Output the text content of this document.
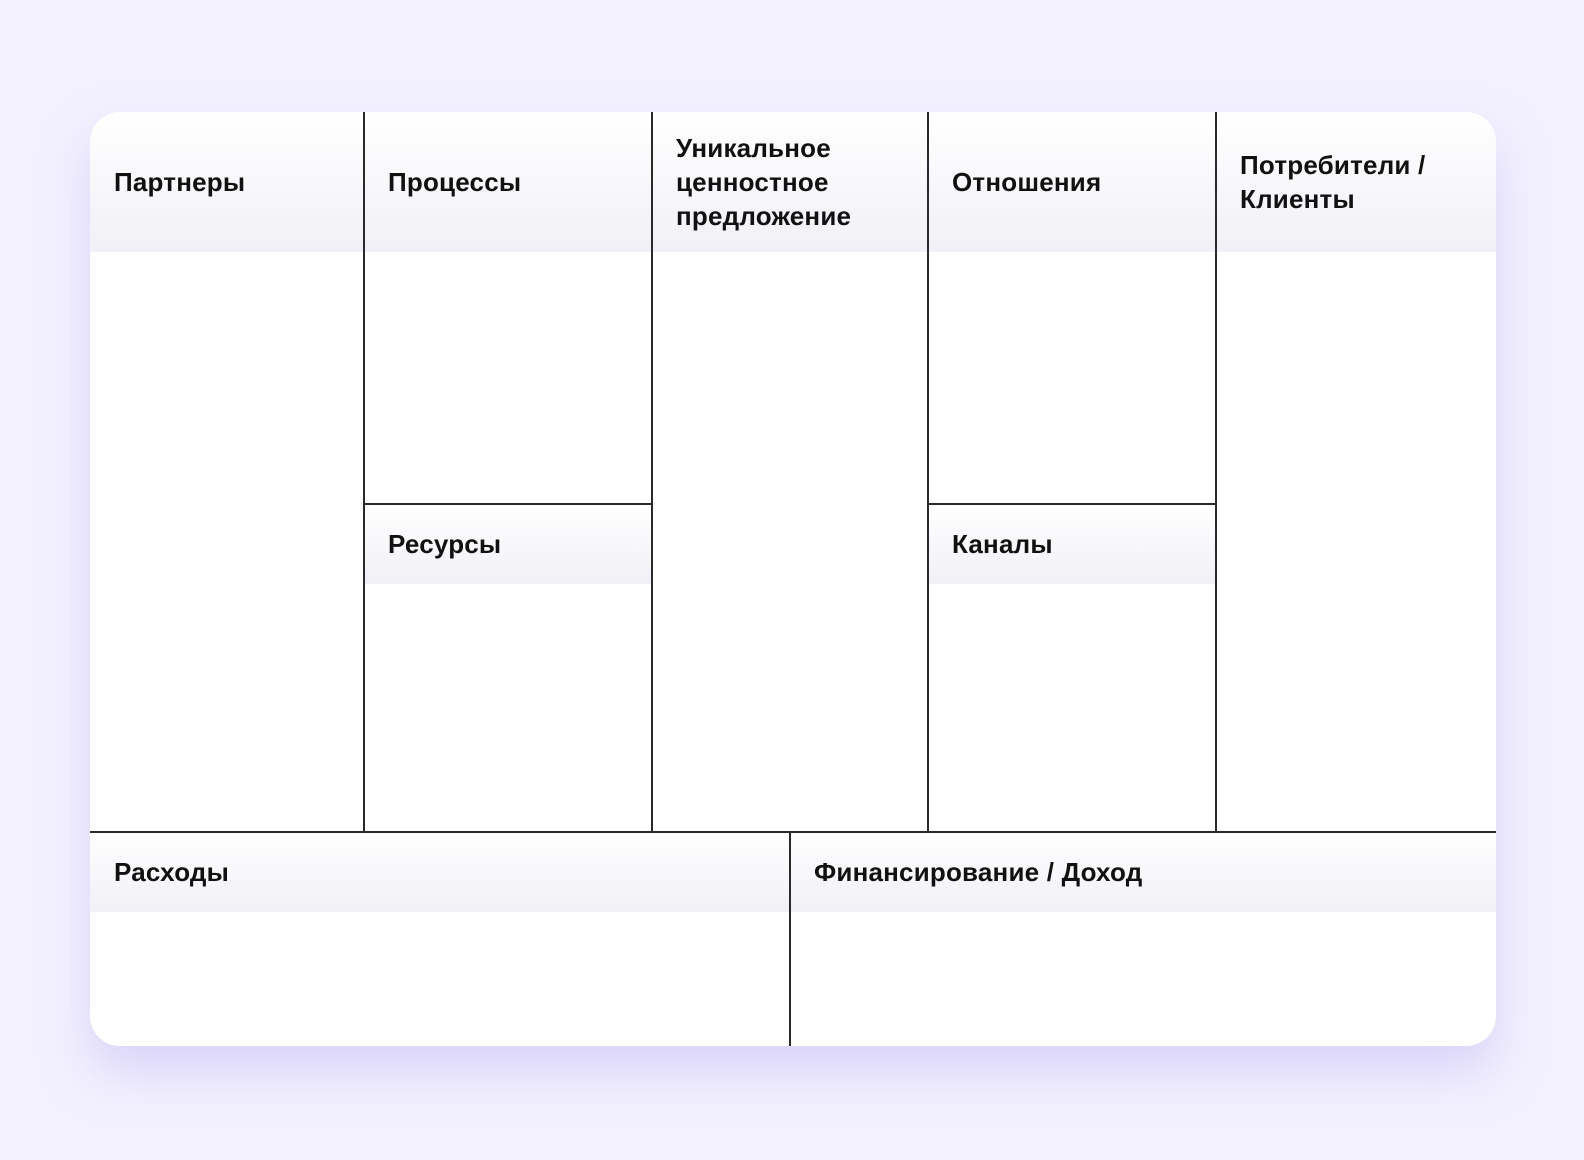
Партнеры	Процессы
Ресурсы
Уникальное ценностное предложение
Отношения
Каналы
Потребители / Клиенты
Расходы	Финансирование / Доход
